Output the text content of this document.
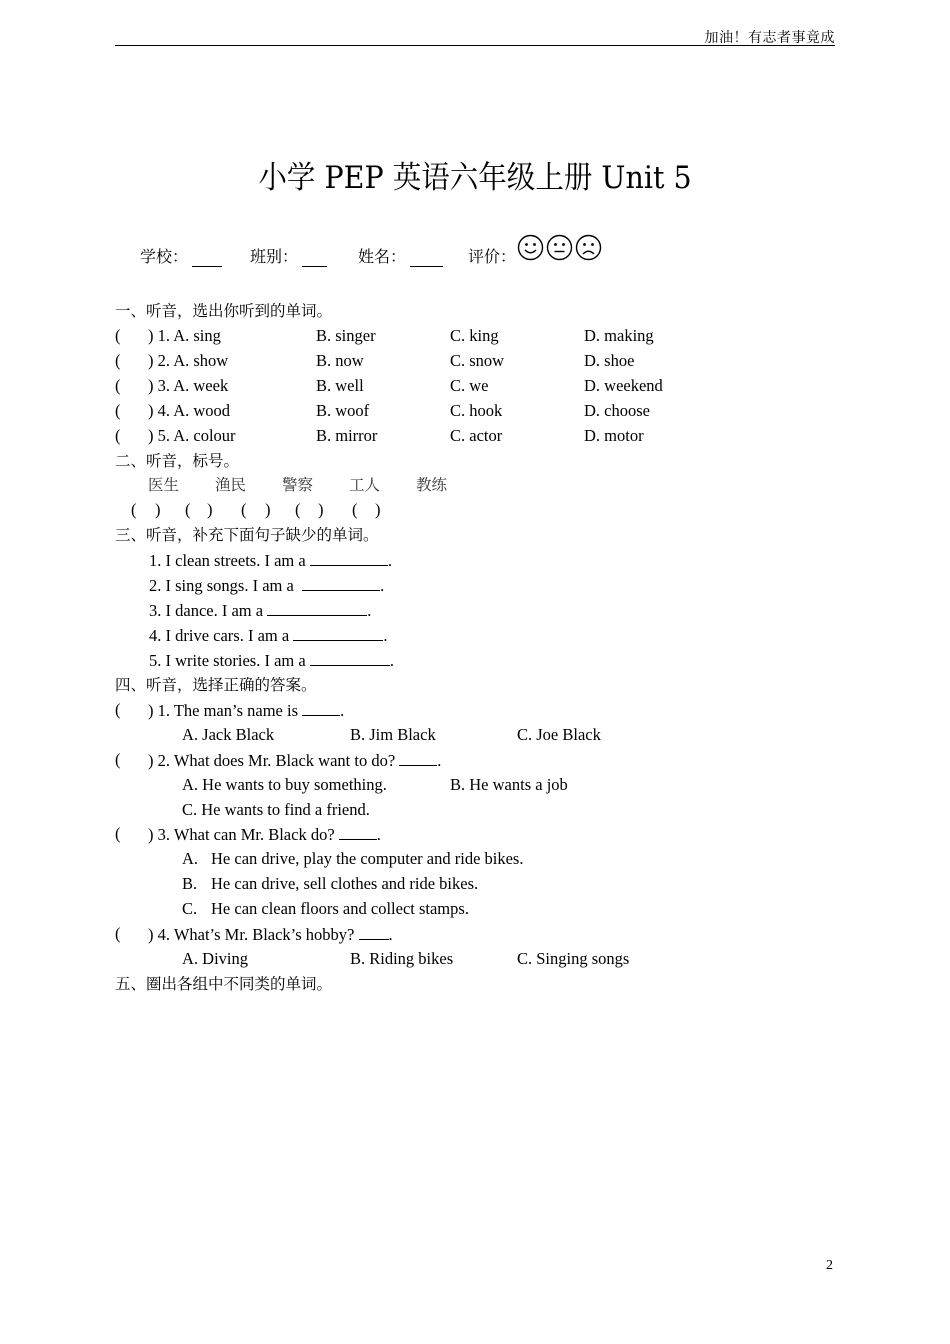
加油！有志者事竟成
小学 PEP 英语六年级上册 Unit 5
学校：	班别：	姓名：	评价：
一、听音，选出你听到的单词。
( ) 1. A. sing	B. singer	C. king	D. making
( ) 2. A. show	B. now	C. snow	D. shoe
( ) 3. A. week	B. well	C. we	D. weekend
( ) 4. A. wood	B. woof	C. hook	D. choose
( ) 5. A. colour	B. mirror	C. actor	D. motor
二、听音，标号。
医生 渔民 警察 工人 教练
( ) ( ) ( ) ( ) ( )
三、听音，补充下面句子缺少的单词。
1. I clean streets. I am a	.
2. I sing songs. I am a	.
3. I dance. I am a	.
4. I drive cars. I am a	.
5. I write stories. I am a	.
四、听音，选择正确的答案。
( ) 1. The man’s name is	.
A. Jack Black	B. Jim Black	C. Joe Black
( ) 2. What does Mr. Black want to do?	.
A. He wants to buy something.	B. He wants a job
C. He wants to find a friend.
( ) 3. What can Mr. Black do?	.
A. He can drive, play the computer and ride bikes.
B. He can drive, sell clothes and ride bikes.
C. He can clean floors and collect stamps.
( ) 4. What’s Mr. Black’s hobby? .
A. Diving	B. Riding bikes	C. Singing songs
五、圈出各组中不同类的单词。
2
